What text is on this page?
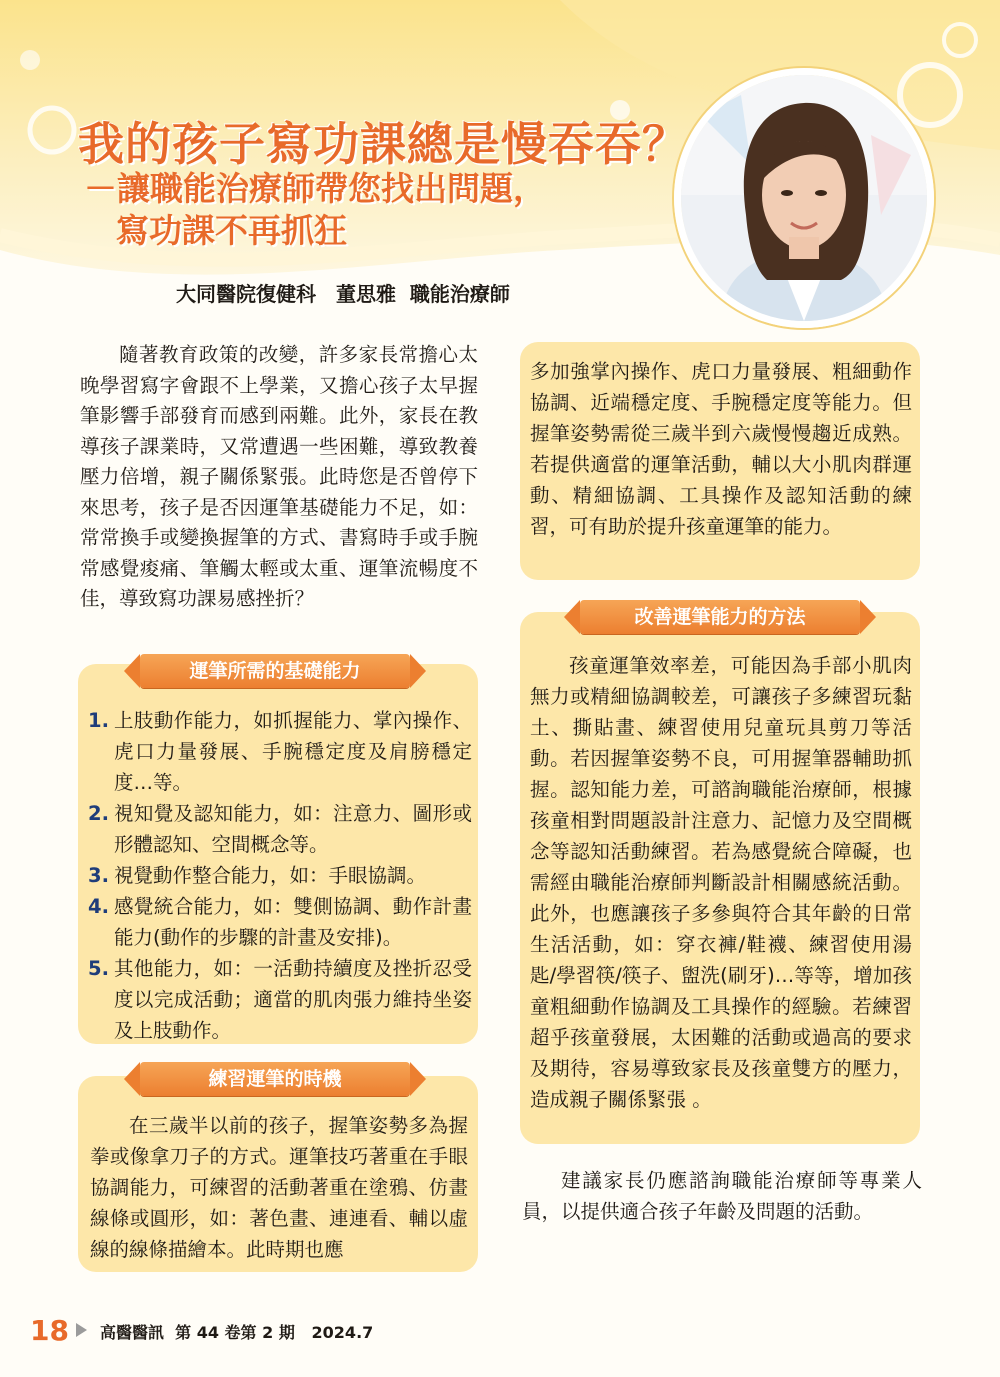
我的孩子寫功課總是慢吞吞？
－讓職能治療師帶您找出問題，
寫功課不再抓狂
大同醫院復健科　董思雅  職能治療師
隨著教育政策的改變，許多家長常擔心太晚學習寫字會跟不上學業，又擔心孩子太早握筆影響手部發育而感到兩難。此外，家長在教導孩子課業時，又常遭遇一些困難，導致教養壓力倍增，親子關係緊張。此時您是否曾停下來思考，孩子是否因運筆基礎能力不足，如：常常換手或變換握筆的方式、書寫時手或手腕常感覺痠痛、筆觸太輕或太重、運筆流暢度不佳，導致寫功課易感挫折？
運筆所需的基礎能力
1. 上肢動作能力，如抓握能力、掌內操作、虎口力量發展、手腕穩定度及肩膀穩定度…等。
2. 視知覺及認知能力，如：注意力、圖形或形體認知、空間概念等。
3. 視覺動作整合能力，如：手眼協調。
4. 感覺統合能力，如：雙側協調、動作計畫能力(動作的步驟的計畫及安排)。
5. 其他能力，如：一活動持續度及挫折忍受度以完成活動；適當的肌肉張力維持坐姿及上肢動作。
練習運筆的時機
在三歲半以前的孩子，握筆姿勢多為握拳或像拿刀子的方式。運筆技巧著重在手眼協調能力，可練習的活動著重在塗鴉、仿畫線條或圓形，如：著色畫、連連看、輔以虛線的線條描繪本。此時期也應
多加強掌內操作、虎口力量發展、粗細動作協調、近端穩定度、手腕穩定度等能力。但握筆姿勢需從三歲半到六歲慢慢趨近成熟。若提供適當的運筆活動，輔以大小肌肉群運動、精細協調、工具操作及認知活動的練習，可有助於提升孩童運筆的能力。
改善運筆能力的方法
孩童運筆效率差，可能因為手部小肌肉無力或精細協調較差，可讓孩子多練習玩黏土、撕貼畫、練習使用兒童玩具剪刀等活動。若因握筆姿勢不良，可用握筆器輔助抓握。認知能力差，可諮詢職能治療師，根據孩童相對問題設計注意力、記憶力及空間概念等認知活動練習。若為感覺統合障礙，也需經由職能治療師判斷設計相關感統活動。此外，也應讓孩子多參與符合其年齡的日常生活活動，如：穿衣褲/鞋襪、練習使用湯匙/學習筷/筷子、盥洗(刷牙)…等等，增加孩童粗細動作協調及工具操作的經驗。若練習超乎孩童發展，太困難的活動或過高的要求及期待，容易導致家長及孩童雙方的壓力，造成親子關係緊張 。
建議家長仍應諮詢職能治療師等專業人員，以提供適合孩子年齡及問題的活動。
18 高醫醫訊  第 44 卷第 2 期   2024.7
